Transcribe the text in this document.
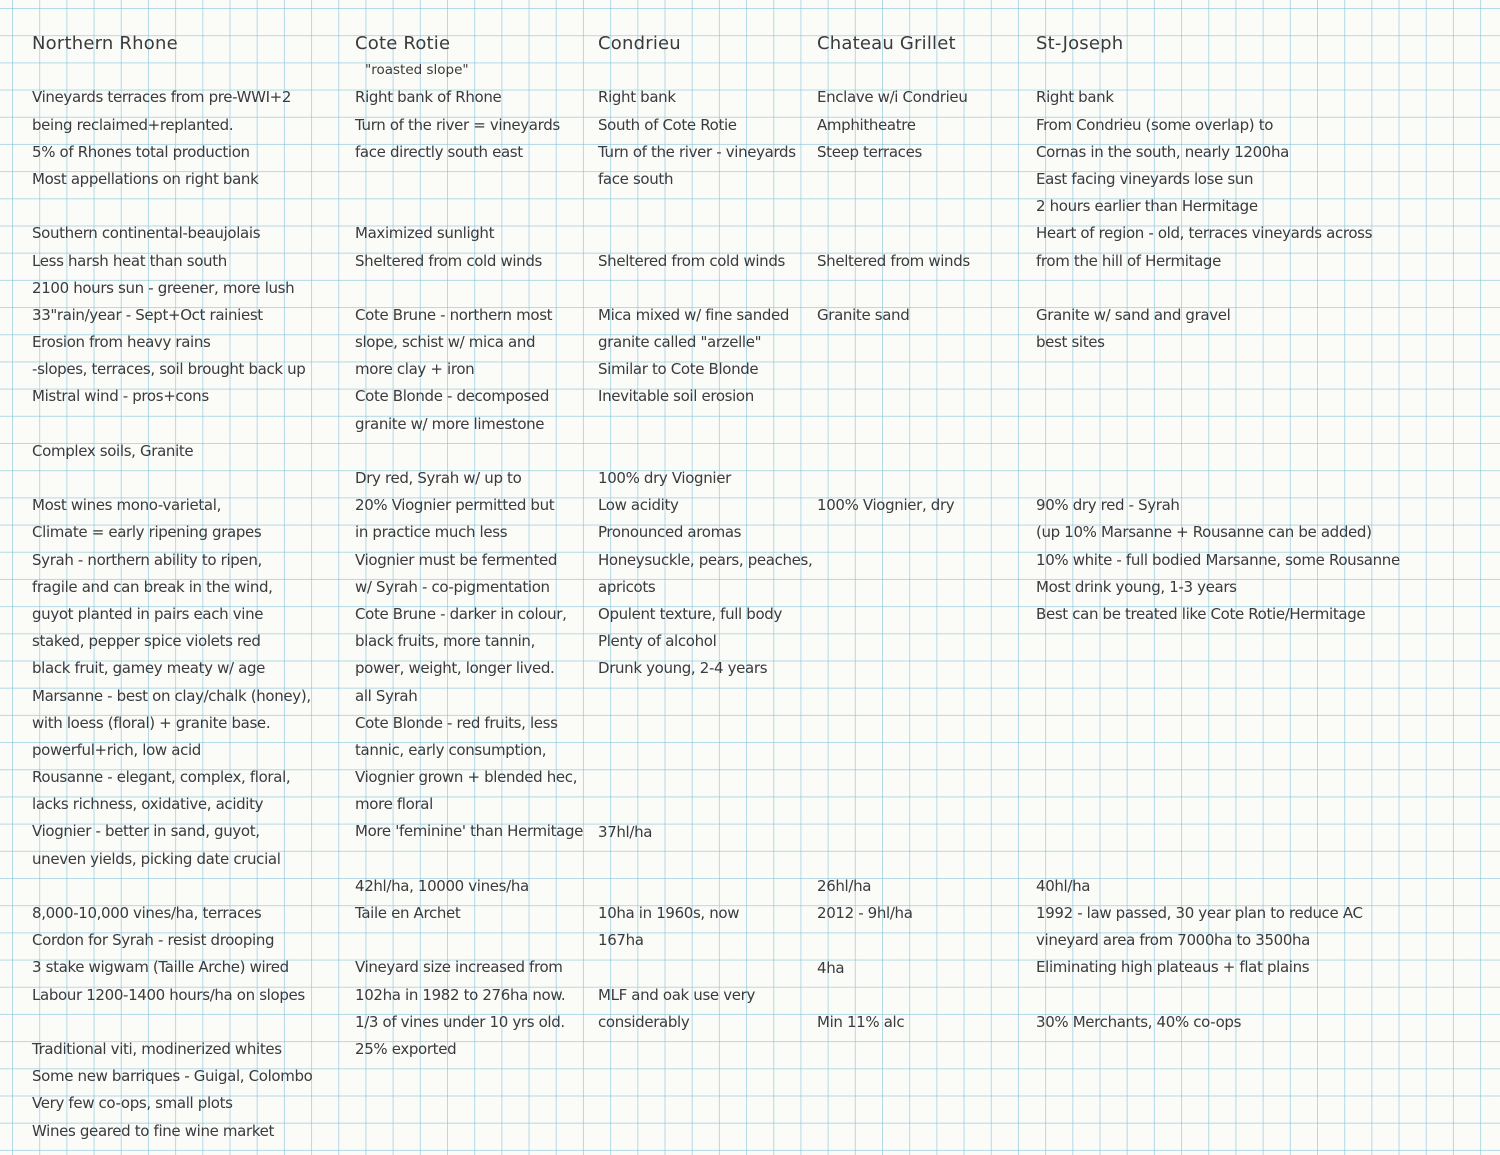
Northern Rhone
Vineyards terraces from pre-WWI+2
being reclaimed+replanted.
5% of Rhones total production
Most appellations on right bank
Southern continental-beaujolais
Less harsh heat than south
2100 hours sun - greener, more lush
33"rain/year - Sept+Oct rainiest
Erosion from heavy rains
-slopes, terraces, soil brought back up
Mistral wind - pros+cons
Complex soils, Granite
Most wines mono-varietal,
Climate = early ripening grapes
Syrah - northern ability to ripen,
fragile and can break in the wind,
guyot planted in pairs each vine
staked, pepper spice violets red
black fruit, gamey meaty w/ age
Marsanne - best on clay/chalk (honey),
with loess (floral) + granite base.
powerful+rich, low acid
Rousanne - elegant, complex, floral,
lacks richness, oxidative, acidity
Viognier - better in sand, guyot,
uneven yields, picking date crucial
8,000-10,000 vines/ha, terraces
Cordon for Syrah - resist drooping
3 stake wigwam (Taille Arche) wired
Labour 1200-1400 hours/ha on slopes
Traditional viti, modinerized whites
Some new barriques - Guigal, Colombo
Very few co-ops, small plots
Wines geared to fine wine market
Cote Rotie
"roasted slope"
Right bank of Rhone
Turn of the river = vineyards
face directly south east
Maximized sunlight
Sheltered from cold winds
Cote Brune - northern most
slope, schist w/ mica and
more clay + iron
Cote Blonde - decomposed
granite w/ more limestone
Dry red, Syrah w/ up to
20% Viognier permitted but
in practice much less
Viognier must be fermented
w/ Syrah - co-pigmentation
Cote Brune - darker in colour,
black fruits, more tannin,
power, weight, longer lived.
all Syrah
Cote Blonde - red fruits, less
tannic, early consumption,
Viognier grown + blended hec,
more floral
More 'feminine' than Hermitage
42hl/ha, 10000 vines/ha
Taile en Archet
Vineyard size increased from
102ha in 1982 to 276ha now.
1/3 of vines under 10 yrs old.
25% exported
Condrieu
Right bank
South of Cote Rotie
Turn of the river - vineyards
face south
Sheltered from cold winds
Mica mixed w/ fine sanded
granite called "arzelle"
Similar to Cote Blonde
Inevitable soil erosion
100% dry Viognier
Low acidity
Pronounced aromas
Honeysuckle, pears, peaches,
apricots
Opulent texture, full body
Plenty of alcohol
Drunk young, 2-4 years
37hl/ha
10ha in 1960s, now
167ha
MLF and oak use very
considerably
Chateau Grillet
Enclave w/i Condrieu
Amphitheatre
Steep terraces
Sheltered from winds
Granite sand
100% Viognier, dry
26hl/ha
2012 - 9hl/ha
4ha
Min 11% alc
St-Joseph
Right bank
From Condrieu (some overlap) to
Cornas in the south, nearly 1200ha
East facing vineyards lose sun
2 hours earlier than Hermitage
Heart of region - old, terraces vineyards across
from the hill of Hermitage
Granite w/ sand and gravel
best sites
90% dry red - Syrah
(up 10% Marsanne + Rousanne can be added)
10% white - full bodied Marsanne, some Rousanne
Most drink young, 1-3 years
Best can be treated like Cote Rotie/Hermitage
40hl/ha
1992 - law passed, 30 year plan to reduce AC
vineyard area from 7000ha to 3500ha
Eliminating high plateaus + flat plains
30% Merchants, 40% co-ops
